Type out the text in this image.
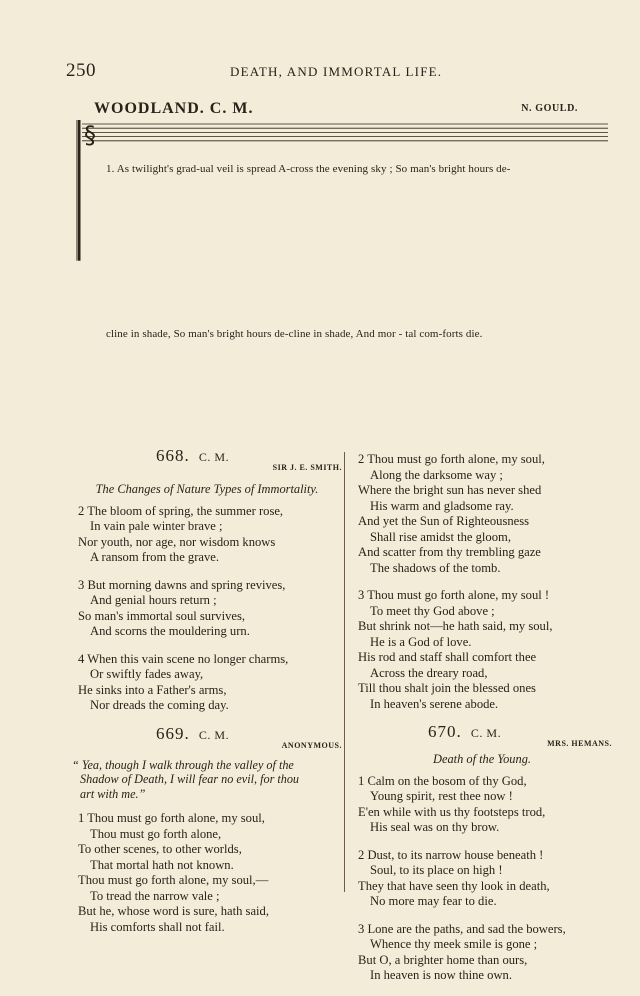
250	DEATH, AND IMMORTAL LIFE.
WOODLAND. C. M.	N. GOULD.
§
1. As twilight's grad-ual veil is spread A-cross the evening sky ; So man's bright hours de-
cline in shade, So man's bright hours de-cline in shade, And mor - tal com-forts die.
668. C. M.
SIR J. E. SMITH.
The Changes of Nature Types of Immortality.
2 The bloom of spring, the summer rose,
In vain pale winter brave ;
Nor youth, nor age, nor wisdom knows
A ransom from the grave.
3 But morning dawns and spring revives,
And genial hours return ;
So man's immortal soul survives,
And scorns the mouldering urn.
4 When this vain scene no longer charms,
Or swiftly fades away,
He sinks into a Father's arms,
Nor dreads the coming day.
669. C. M.
ANONYMOUS.
“ Yea, though I walk through the valley of the
Shadow of Death, I will fear no evil, for thou
art with me.”
1 Thou must go forth alone, my soul,
Thou must go forth alone,
To other scenes, to other worlds,
That mortal hath not known.
Thou must go forth alone, my soul,—
To tread the narrow vale ;
But he, whose word is sure, hath said,
His comforts shall not fail.
2 Thou must go forth alone, my soul,
Along the darksome way ;
Where the bright sun has never shed
His warm and gladsome ray.
And yet the Sun of Righteousness
Shall rise amidst the gloom,
And scatter from thy trembling gaze
The shadows of the tomb.
3 Thou must go forth alone, my soul !
To meet thy God above ;
But shrink not—he hath said, my soul,
He is a God of love.
His rod and staff shall comfort thee
Across the dreary road,
Till thou shalt join the blessed ones
In heaven's serene abode.
670. C. M.
MRS. HEMANS.
Death of the Young.
1 Calm on the bosom of thy God,
Young spirit, rest thee now !
E'en while with us thy footsteps trod,
His seal was on thy brow.
2 Dust, to its narrow house beneath !
Soul, to its place on high !
They that have seen thy look in death,
No more may fear to die.
3 Lone are the paths, and sad the bowers,
Whence thy meek smile is gone ;
But O, a brighter home than ours,
In heaven is now thine own.
